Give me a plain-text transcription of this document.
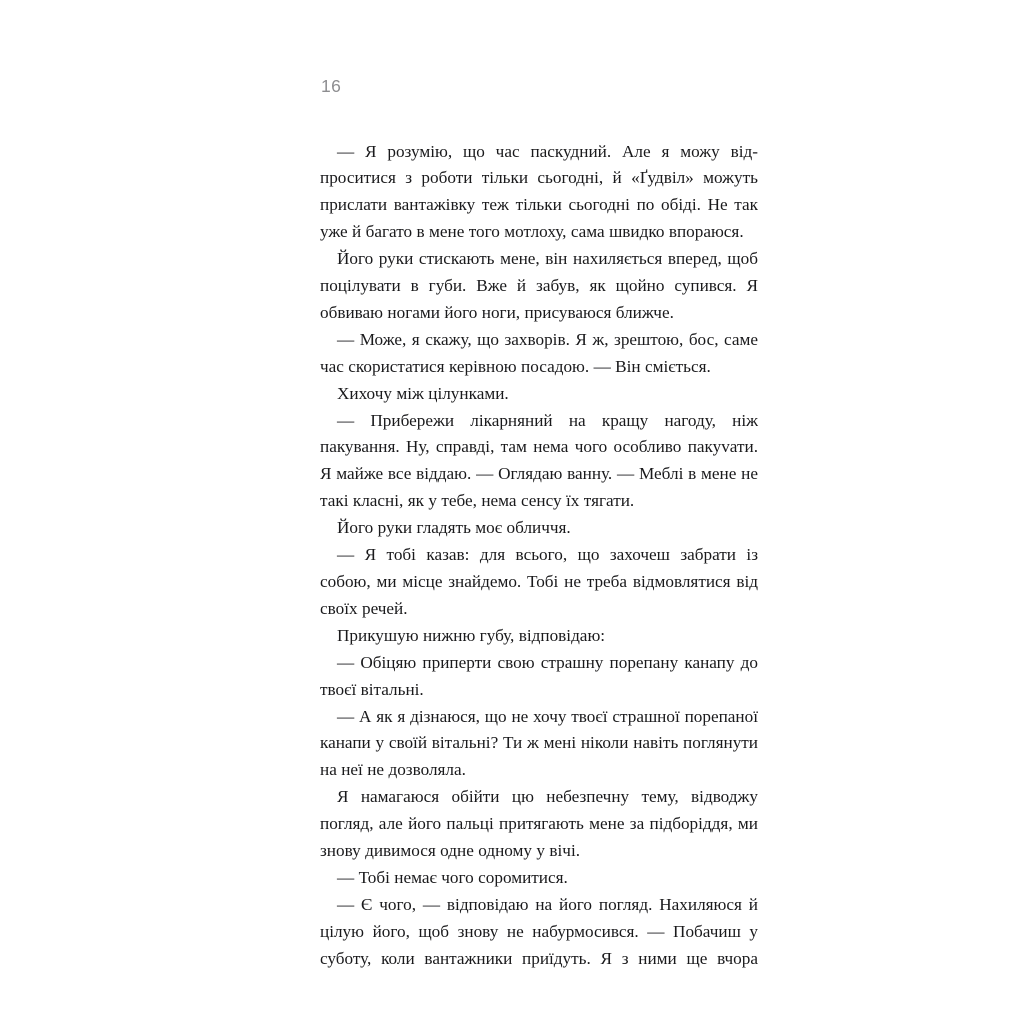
16

— Я розумію, що час паскудний. Але я можу відпроситися з роботи тільки сьогодні, й «Ґудвіл» можуть прислати вантажівку теж тільки сьогодні по обіді. Не так уже й багато в мене того мотлоху, сама швидко впораюся.

Його руки стискають мене, він нахиляється вперед, щоб поцілувати в губи. Вже й забув, як щойно супився. Я обвиваю ногами його ноги, присуваюся ближче.

— Може, я скажу, що захворів. Я ж, зрештою, бос, саме час скористатися керівною посадою. — Він сміється.

Хихочу між цілунками.

— Прибережи лікарняний на кращу нагоду, ніж пакування. Ну, справді, там нема чого особливо пакуvати. Я майже все віддаю. — Оглядаю ванну. — Меблі в мене не такі класні, як у тебе, нема сенсу їх тягати.

Його руки гладять моє обличчя.

— Я тобі казав: для всього, що захочеш забрати із собою, ми місце знайдемо. Тобі не треба відмовлятися від своїх речей.

Прикушую нижню губу, відповідаю:

— Обіцяю приперти свою страшну порепану канапу до твоєї вітальні.

— А як я дізнаюся, що не хочу твоєї страшної порепаної канапи у своїй вітальні? Ти ж мені ніколи навіть поглянути на неї не дозволяла.

Я намагаюся обійти цю небезпечну тему, відводжу погляд, але його пальці притягають мене за підборіддя, ми знову дивимося одне одному у вічі.

— Тобі немає чого соромитися.

— Є чого, — відповідаю на його погляд. Нахиляюся й цілую його, щоб знову не набурмосився. — Побачиш у суботу, коли вантажники приїдуть. Я з ними ще вчора
